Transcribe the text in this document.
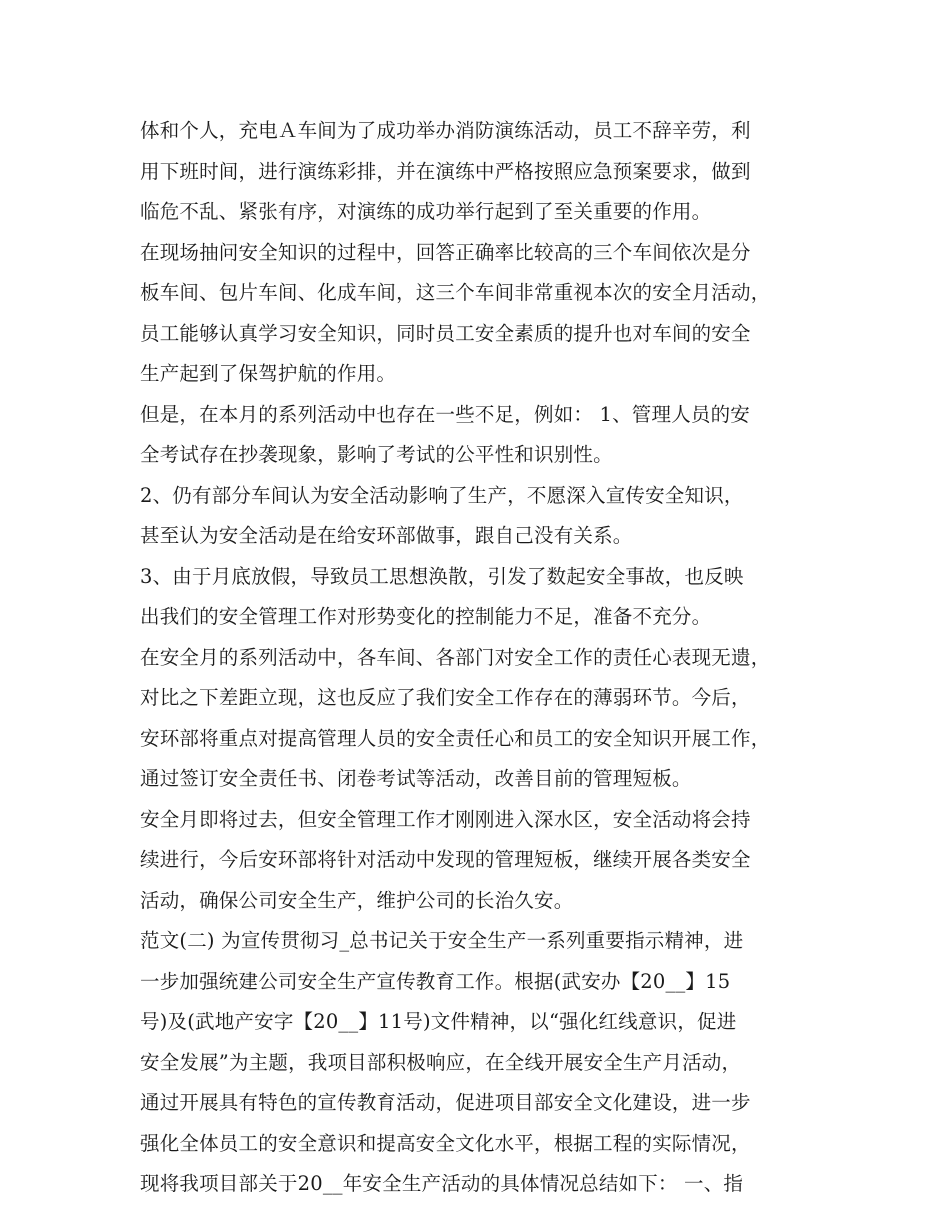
体和个人，充电Ａ车间为了成功举办消防演练活动，员工不辞辛劳，利
用下班时间，进行演练彩排，并在演练中严格按照应急预案要求，做到
临危不乱、紧张有序，对演练的成功举行起到了至关重要的作用。
在现场抽问安全知识的过程中，回答正确率比较高的三个车间依次是分
板车间、包片车间、化成车间，这三个车间非常重视本次的安全月活动，
员工能够认真学习安全知识，同时员工安全素质的提升也对车间的安全
生产起到了保驾护航的作用。
但是，在本月的系列活动中也存在一些不足，例如： 1、管理人员的安
全考试存在抄袭现象，影响了考试的公平性和识别性。
2、仍有部分车间认为安全活动影响了生产，不愿深入宣传安全知识，
甚至认为安全活动是在给安环部做事，跟自己没有关系。
3、由于月底放假，导致员工思想涣散，引发了数起安全事故，也反映
出我们的安全管理工作对形势变化的控制能力不足，准备不充分。
在安全月的系列活动中，各车间、各部门对安全工作的责任心表现无遗，
对比之下差距立现，这也反应了我们安全工作存在的薄弱环节。今后，
安环部将重点对提高管理人员的安全责任心和员工的安全知识开展工作，
通过签订安全责任书、闭卷考试等活动，改善目前的管理短板。
安全月即将过去，但安全管理工作才刚刚进入深水区，安全活动将会持
续进行，今后安环部将针对活动中发现的管理短板，继续开展各类安全
活动，确保公司安全生产，维护公司的长治久安。
范文(二) 为宣传贯彻习_总书记关于安全生产一系列重要指示精神，进
一步加强统建公司安全生产宣传教育工作。根据(武安办【20__】15
号)及(武地产安字【20__】11号)文件精神，以“强化红线意识，促进
安全发展”为主题，我项目部积极响应，在全线开展安全生产月活动，
通过开展具有特色的宣传教育活动，促进项目部安全文化建设，进一步
强化全体员工的安全意识和提高安全文化水平，根据工程的实际情况，
现将我项目部关于20__年安全生产活动的具体情况总结如下： 一、指
